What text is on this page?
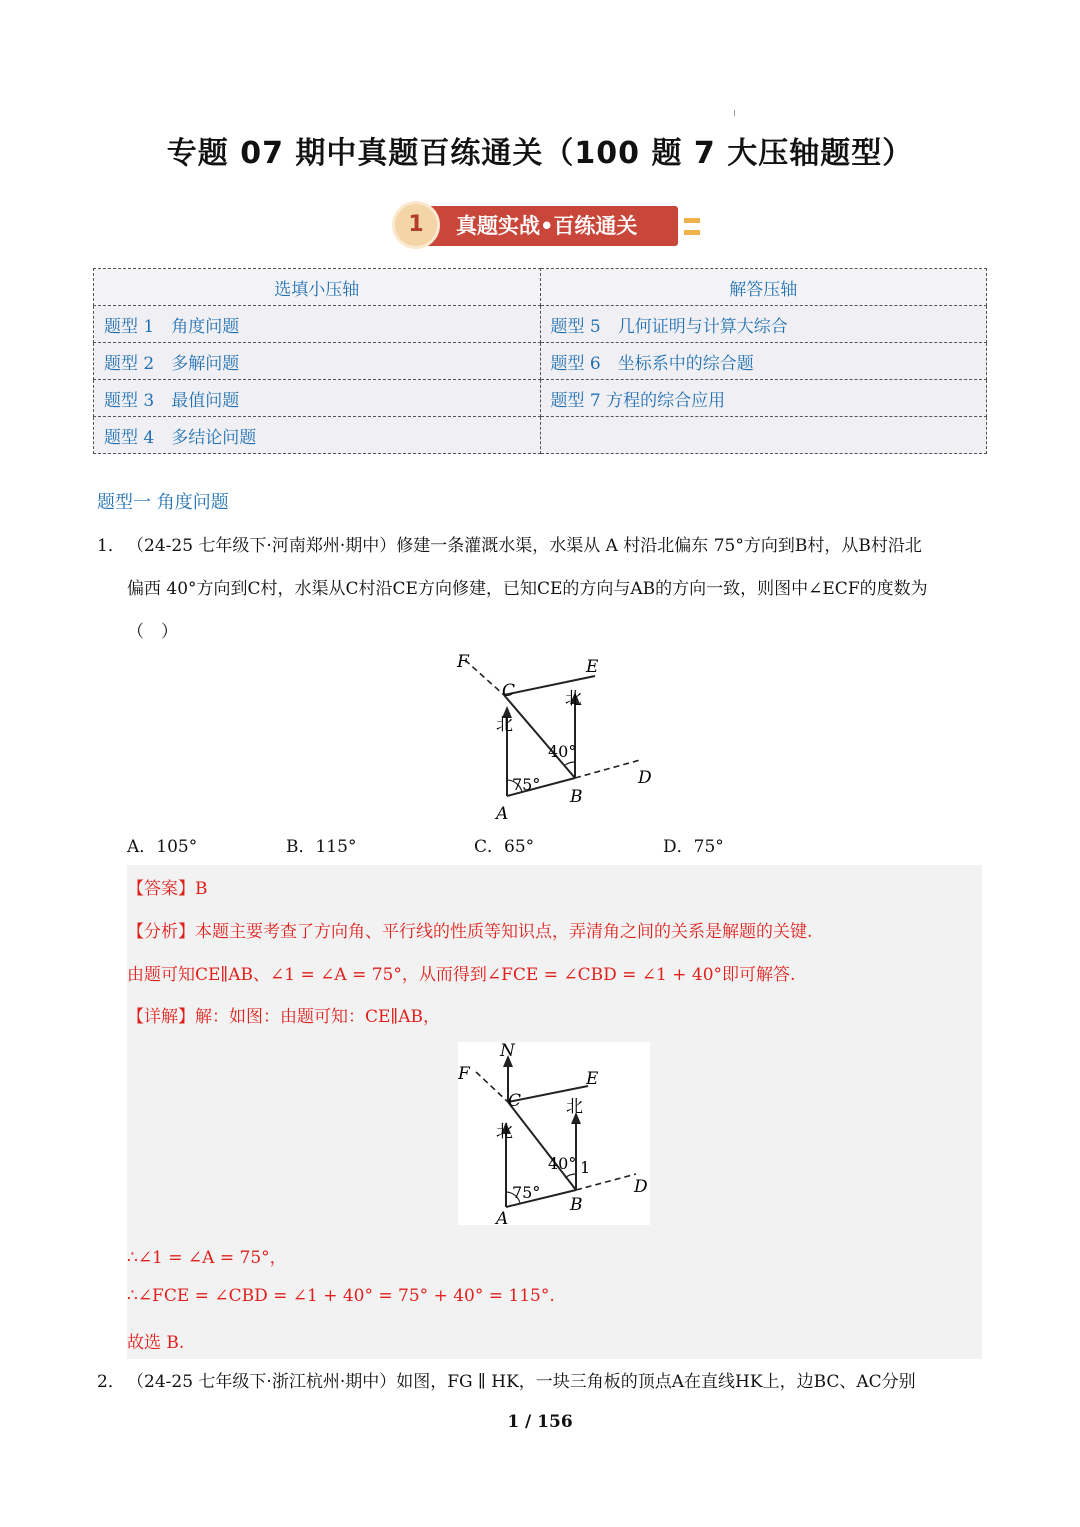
专题 07 期中真题百练通关（100 题 7 大压轴题型）
真题实战•百练通关
1
选填小压轴	解答压轴
题型 1　角度问题	题型 5　几何证明与计算大综合
题型 2　多解问题	题型 6　坐标系中的综合题
题型 3　最值问题	题型 7 方程的综合应用
题型 4　多结论问题	
题型一 角度问题
1． （24-25 七年级下·河南郑州·期中）修建一条灌溉水渠，水渠从 A 村沿北偏东 75°方向到B村，从B村沿北
偏西 40°方向到C村，水渠从C村沿CE方向修建，已知CE的方向与AB的方向一致，则图中∠ECF的度数为
（　）
F	E
C
北
北
40°
75°
A
B
D
A．105°	B．115°	C．65°	D．75°
【答案】B
【分析】本题主要考查了方向角、平行线的性质等知识点，弄清角之间的关系是解题的关键.
由题可知CE∥AB、∠1 = ∠A = 75°，从而得到∠FCE = ∠CBD = ∠1 + 40°即可解答.
【详解】解：如图：由题可知：CE∥AB，
N
F	E
C
北
北
40° 1
75°
A
B
D
∴∠1 = ∠A = 75°，
∴∠FCE = ∠CBD = ∠1 + 40° = 75° + 40° = 115°.
故选 B.
2． （24-25 七年级下·浙江杭州·期中）如图，FG ∥ HK，一块三角板的顶点A在直线HK上，边BC、AC分别
1 / 156
